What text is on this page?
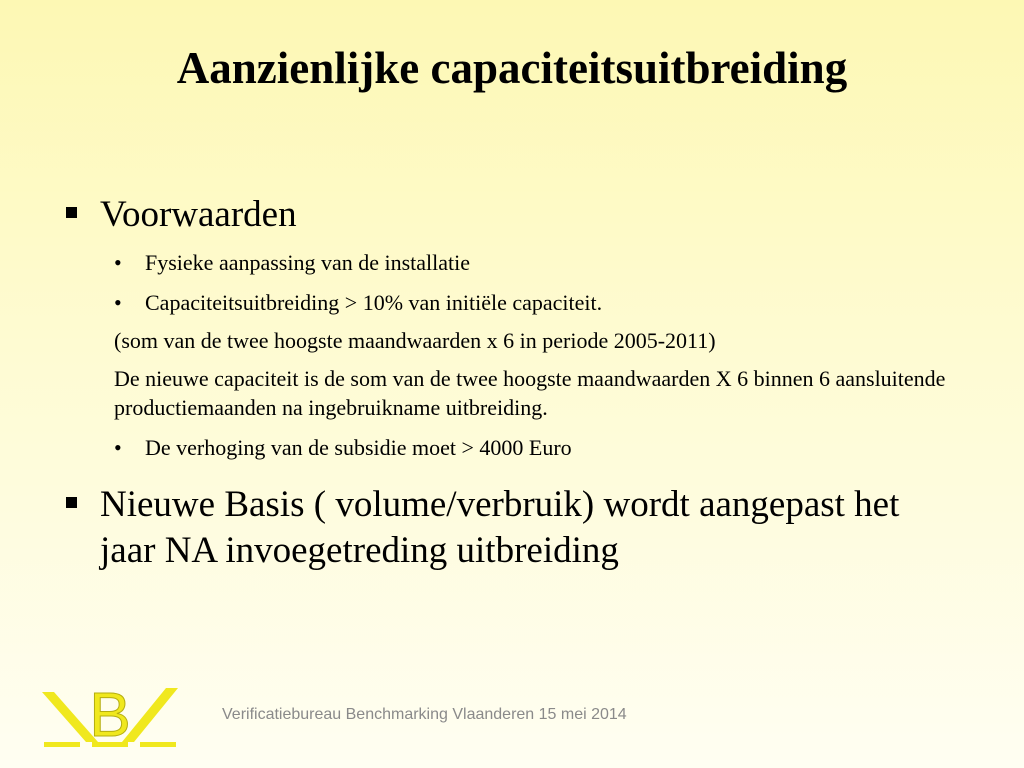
Aanzienlijke capaciteitsuitbreiding
Voorwaarden
• Fysieke aanpassing van de installatie
• Capaciteitsuitbreiding > 10% van initiële capaciteit.
(som van de twee hoogste maandwaarden x 6 in periode 2005-2011)
De nieuwe capaciteit is de som van de twee hoogste maandwaarden X 6 binnen 6 aansluitende productiemaanden na ingebruikname uitbreiding.
• De verhoging van de subsidie moet > 4000 Euro
Nieuwe Basis ( volume/verbruik) wordt aangepast het jaar NA invoegetreding uitbreiding
B	Verificatiebureau Benchmarking Vlaanderen 15 mei 2014
